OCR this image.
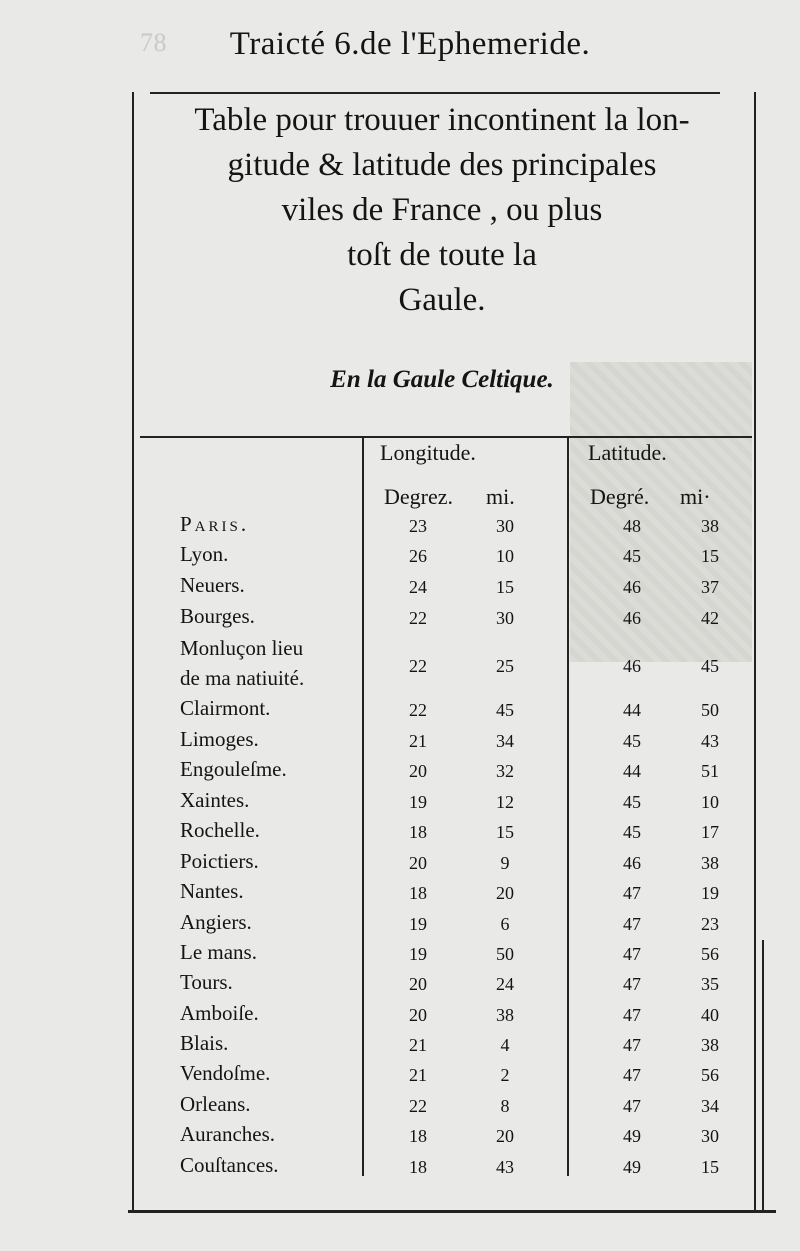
78 Traicté 6.de l'Ephemeride.
Table pour trouuer incontinent la lon-
gitude & latitude des principales
viles de France , ou plus
toſt de toute la
Gaule.
En la Gaule Celtique.
Longitude.	Latitude.
Degrez. mi.	Degré. mi·
Paris.	23	30	48	38
Lyon.	26	10	45	15
Neuers.	24	15	46	37
Bourges.	22	30	46	42
Monluçon lieu
de ma natiuité.	22	25	46	45
Clairmont.	22	45	44	50
Limoges.	21	34	45	43
Engouleſme.	20	32	44	51
Xaintes.	19	12	45	10
Rochelle.	18	15	45	17
Poictiers.	20	9	46	38
Nantes.	18	20	47	19
Angiers.	19	6	47	23
Le mans.	19	50	47	56
Tours.	20	24	47	35
Amboiſe.	20	38	47	40
Blais.	21	4	47	38
Vendoſme.	21	2	47	56
Orleans.	22	8	47	34
Auranches.	18	20	49	30
Couſtances.	18	43	49	15
